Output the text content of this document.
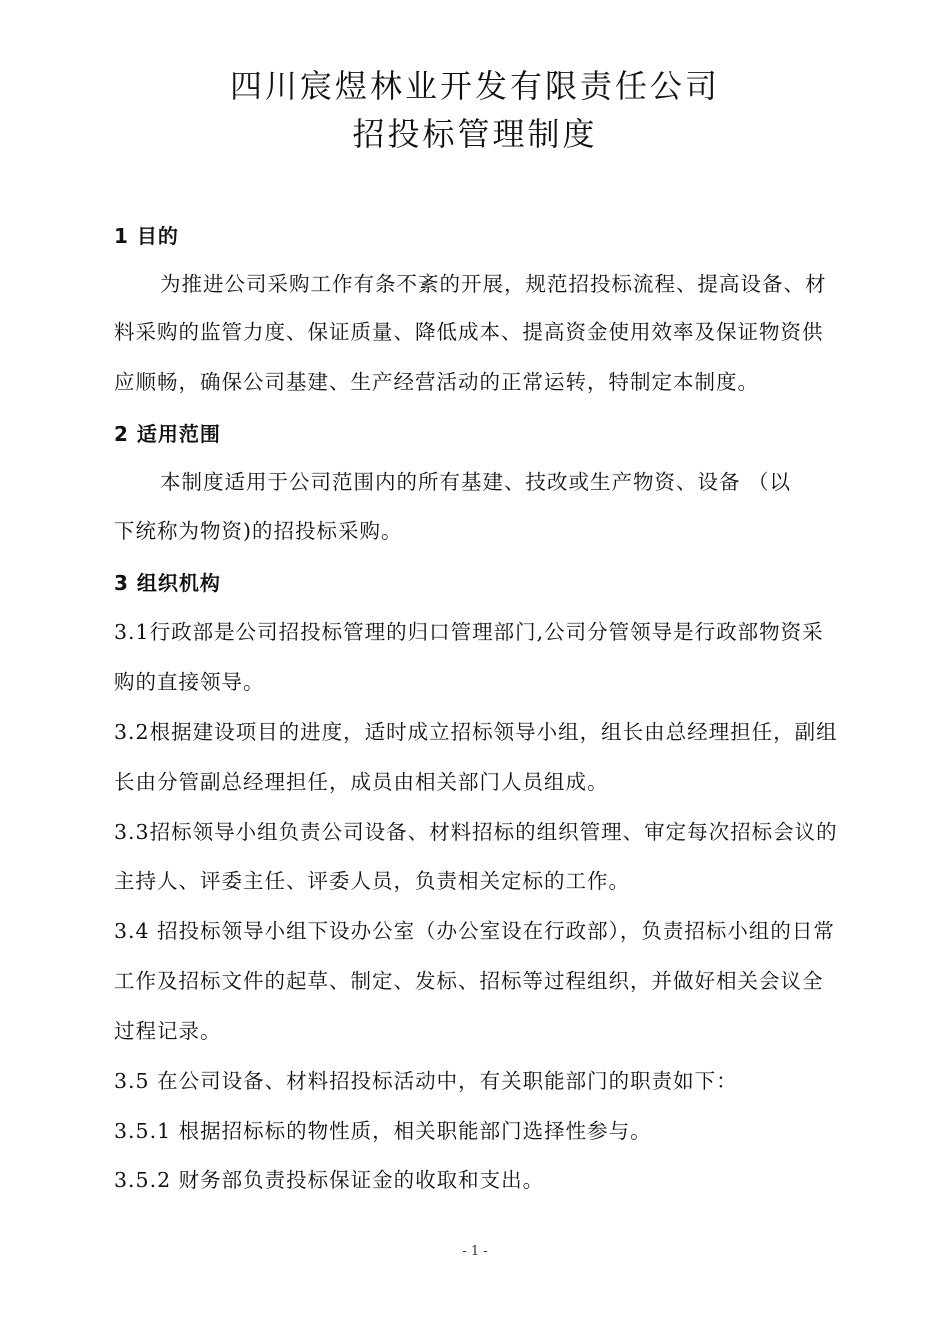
四川宸煜林业开发有限责任公司
招投标管理制度
1 目的
为推进公司采购工作有条不紊的开展，规范招投标流程、提高设备、材
料采购的监管力度、保证质量、降低成本、提高资金使用效率及保证物资供
应顺畅，确保公司基建、生产经营活动的正常运转，特制定本制度。
2 适用范围
本制度适用于公司范围内的所有基建、技改或生产物资、设备 （以
下统称为物资)的招投标采购。
3 组织机构
3.1行政部是公司招投标管理的归口管理部门,公司分管领导是行政部物资采
购的直接领导。
3.2根据建设项目的进度，适时成立招标领导小组，组长由总经理担任，副组
长由分管副总经理担任，成员由相关部门人员组成。
3.3招标领导小组负责公司设备、材料招标的组织管理、审定每次招标会议的
主持人、评委主任、评委人员，负责相关定标的工作。
3.4 招投标领导小组下设办公室（办公室设在行政部），负责招标小组的日常
工作及招标文件的起草、制定、发标、招标等过程组织，并做好相关会议全
过程记录。
3.5 在公司设备、材料招投标活动中，有关职能部门的职责如下：
3.5.1 根据招标标的物性质，相关职能部门选择性参与。
3.5.2 财务部负责投标保证金的收取和支出。
- 1 -
